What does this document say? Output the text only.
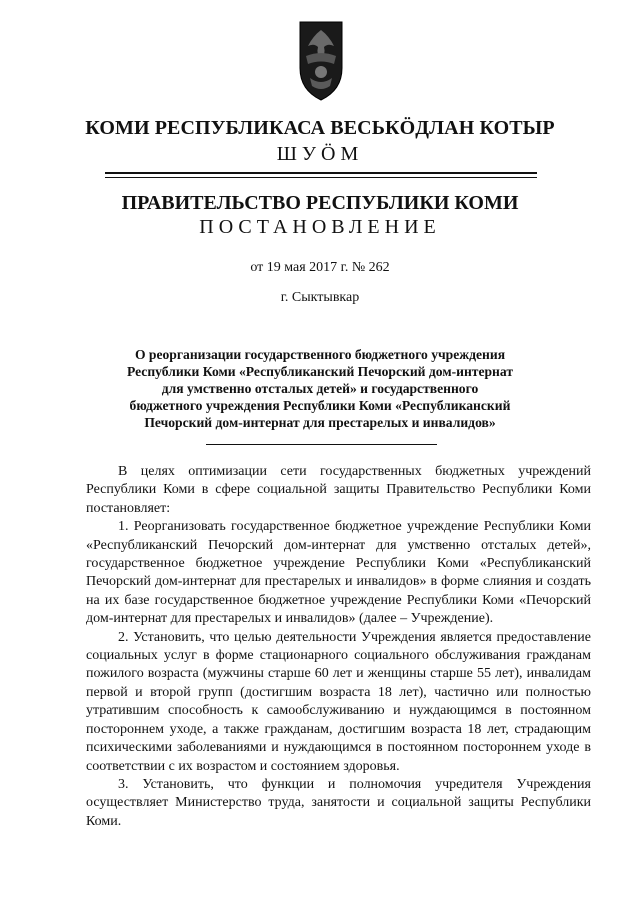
КОМИ РЕСПУБЛИКАСА ВЕСЬКӦДЛАН КОТЫР
ШУӦМ
ПРАВИТЕЛЬСТВО РЕСПУБЛИКИ КОМИ
ПОСТАНОВЛЕНИЕ
от 19 мая 2017 г. № 262
г. Сыктывкар
О реорганизации государственного бюджетного учреждения
Республики Коми «Республиканский Печорский дом-интернат
для умственно отсталых детей» и государственного
бюджетного учреждения Республики Коми «Республиканский
Печорский дом-интернат для престарелых и инвалидов»

В целях оптимизации сети государственных бюджетных учреждений Республики Коми в сфере социальной защиты Правительство Республики Коми постановляет:

1. Реорганизовать государственное бюджетное учреждение Республики Коми «Республиканский Печорский дом-интернат для умственно отсталых детей», государственное бюджетное учреждение Республики Коми «Республиканский Печорский дом-интернат для престарелых и инвалидов» в форме слияния и создать на их базе государственное бюджетное учреждение Республики Коми «Печорский дом-интернат для престарелых и инвалидов» (далее – Учреждение).

2. Установить, что целью деятельности Учреждения является предоставление социальных услуг в форме стационарного социального обслуживания гражданам пожилого возраста (мужчины старше 60 лет и женщины старше 55 лет), инвалидам первой и второй групп (достигшим возраста 18 лет), частично или полностью утратившим способность к самообслуживанию и нуждающимся в постоянном постороннем уходе, а также гражданам, достигшим возраста 18 лет, страдающим психическими заболеваниями и нуждающимся в постоянном постороннем уходе в соответствии с их возрастом и состоянием здоровья.

3. Установить, что функции и полномочия учредителя Учреждения осуществляет Министерство труда, занятости и социальной защиты Республики Коми.
